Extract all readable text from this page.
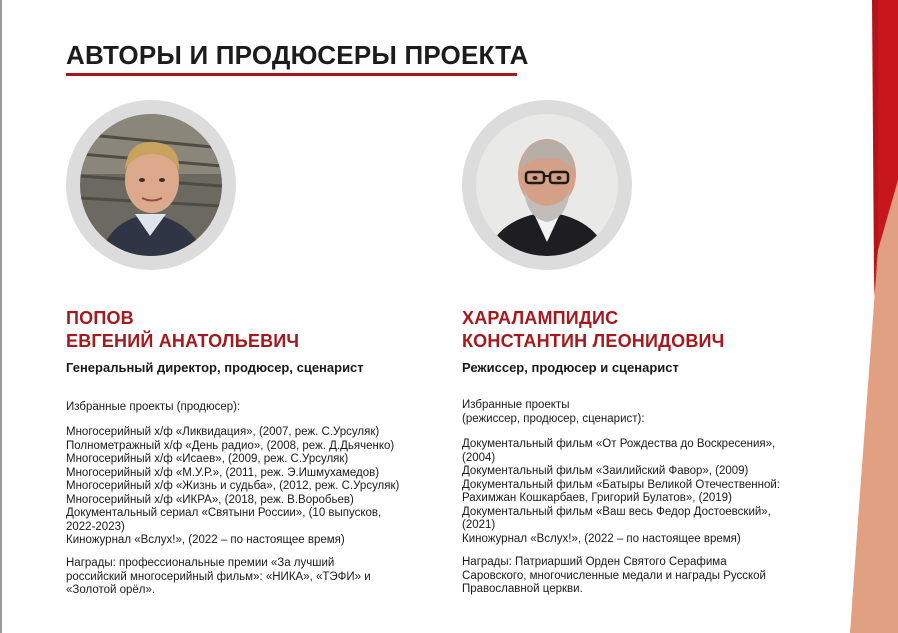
АВТОРЫ И ПРОДЮСЕРЫ ПРОЕКТА
ПОПОВ
ЕВГЕНИЙ АНАТОЛЬЕВИЧ
Генеральный директор, продюсер, сценарист
Избранные проекты (продюсер):
Многосерийный х/ф «Ликвидация», (2007, реж. С.Урсуляк)
Полнометражный х/ф «День радио», (2008, реж. Д.Дьяченко)
Многосерийный х/ф «Исаев», (2009, реж. С.Урсуляк)
Многосерийный х/ф «М.У.Р.», (2011, реж. Э.Ишмухамедов)
Многосерийный х/ф «Жизнь и судьба», (2012, реж. С.Урсуляк)
Многосерийный х/ф «ИКРА», (2018, реж. В.Воробьев)
Документальный сериал «Святыни России», (10 выпусков,
2022-2023)
Киножурнал «Вслух!», (2022 – по настоящее время)
Награды: профессиональные премии «За лучший
российский многосерийный фильм»: «НИКА», «ТЭФИ» и
«Золотой орёл».
ХАРАЛАМПИДИС
КОНСТАНТИН ЛЕОНИДОВИЧ
Режиссер, продюсер и сценарист
Избранные проекты
(режиссер, продюсер, сценарист):
Документальный фильм «От Рождества до Воскресения»,
(2004)
Документальный фильм «Заилийский Фавор», (2009)
Документальный фильм «Батыры Великой Отечественной:
Рахимжан Кошкарбаев, Григорий Булатов», (2019)
Документальный фильм «Ваш весь Федор Достоевский»,
(2021)
Киножурнал «Вслух!», (2022 – по настоящее время)
Награды: Патриарший Орден Святого Серафима
Саровского, многочисленные медали и награды Русской
Православной церкви.
